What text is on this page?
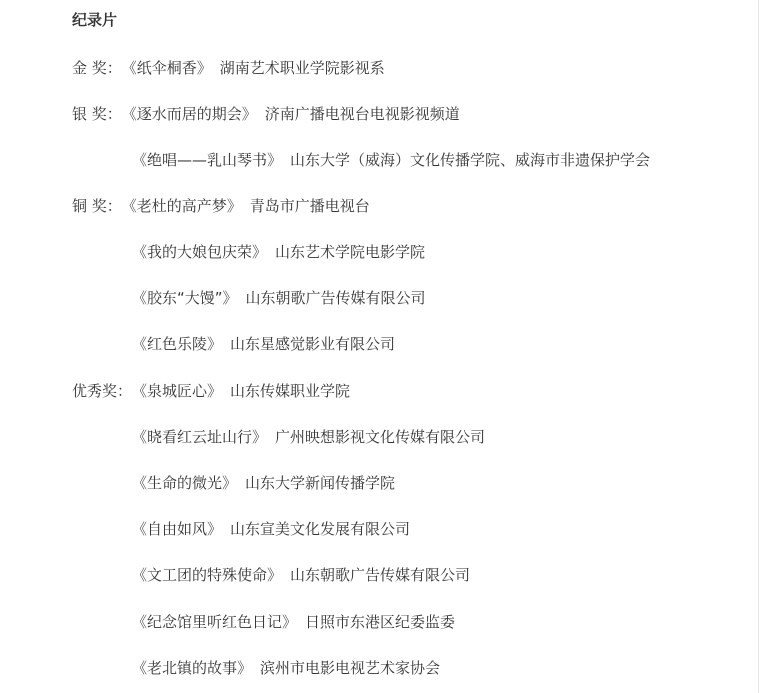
纪录片
金 奖：《纸伞桐香》 湖南艺术职业学院影视系
银 奖：《逐水而居的期会》 济南广播电视台电视影视频道
《绝唱——乳山琴书》 山东大学（威海）文化传播学院、威海市非遗保护学会
铜 奖：《老杜的高产梦》 青岛市广播电视台
《我的大娘包庆荣》 山东艺术学院电影学院
《胶东“大馒”》 山东朝歌广告传媒有限公司
《红色乐陵》 山东星感觉影业有限公司
优秀奖：《泉城匠心》 山东传媒职业学院
《晓看红云址山行》 广州映想影视文化传媒有限公司
《生命的微光》 山东大学新闻传播学院
《自由如风》 山东宣美文化发展有限公司
《文工团的特殊使命》 山东朝歌广告传媒有限公司
《纪念馆里听红色日记》 日照市东港区纪委监委
《老北镇的故事》 滨州市电影电视艺术家协会
